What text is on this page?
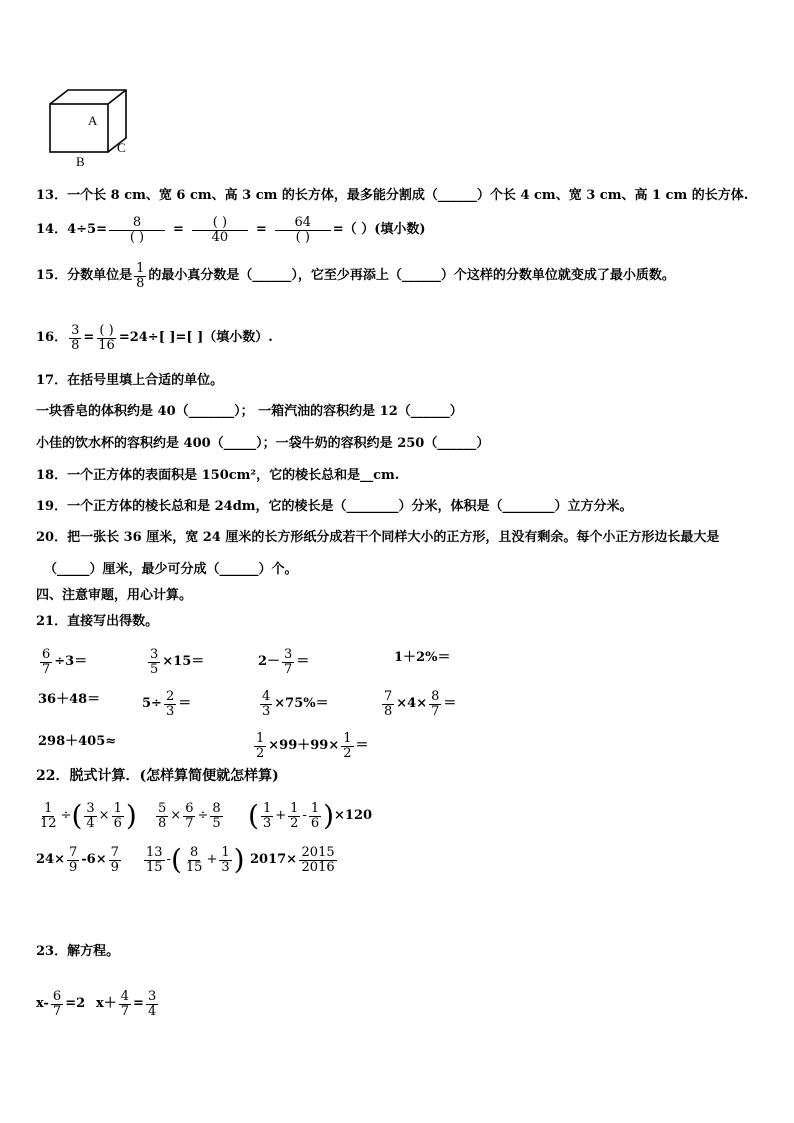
A
B
C
13．一个长 8 cm、宽 6 cm、高 3 cm 的长方体，最多能分割成（______）个长 4 cm、宽 3 cm、高 1 cm 的长方体.
14．$4\div 5= \frac{8}{( )} = \frac{( )}{40} = \frac{64}{( )}$ =（ ）(填小数)
15．分数单位是 $\frac{1}{8}$ 的最小真分数是（______），它至少再添上（______）个这样的分数单位就变成了最小质数。
16． $\frac{3}{8} = \frac{( )}{16} =24\div$[ ]=[ ]（填小数）.
17．在括号里填上合适的单位。
一块香皂的体积约是 40（_______）； 一箱汽油的容积约是 12（______）
小佳的饮水杯的容积约是 400（_____）；一袋牛奶的容积约是 250（______）
18．一个正方体的表面积是 150cm²，它的棱长总和是__cm.
19．一个正方体的棱长总和是 24dm，它的棱长是（________）分米，体积是（________）立方分米。
20．把一张长 36 厘米，宽 24 厘米的长方形纸分成若干个同样大小的正方形，且没有剩余。每个小正方形边长最大是
（_____）厘米，最少可分成（______）个。
四、注意审题，用心计算。
21．直接写出得数。
$\frac{6}{7} \div 3=$	$\frac{3}{5} \times 15=$	$2- \frac{3}{7}$ ＝	1＋2%＝
36＋48＝	$5\div \frac{2}{3}$ ＝	$\frac{4}{3} \times 75\%=$	$\frac{7}{8} \times 4\times \frac{8}{7}$ ＝
298＋405≈	$\frac{1}{2} \times 99+99\times \frac{1}{2}$ ＝
22．脱式计算．(怎样算简便就怎样算)
$\frac{1}{12}$ ÷ ( $\frac{3}{4} \times \frac{1}{6}$ ) $\frac{5}{8} \times \frac{6}{7} \div \frac{8}{5}$ ( $\frac{1}{3} + \frac{1}{2} - \frac{1}{6}$ ) ×120
$24\times \frac{7}{9} -6\times \frac{7}{9} \frac{13}{15}$ - ( $\frac{8}{15} + \frac{1}{3}$ ) $2017\times \frac{2015}{2016}$
23．解方程。
$x- \frac{6}{7} =2$ $x+ \frac{4}{7} = \frac{3}{4}$
